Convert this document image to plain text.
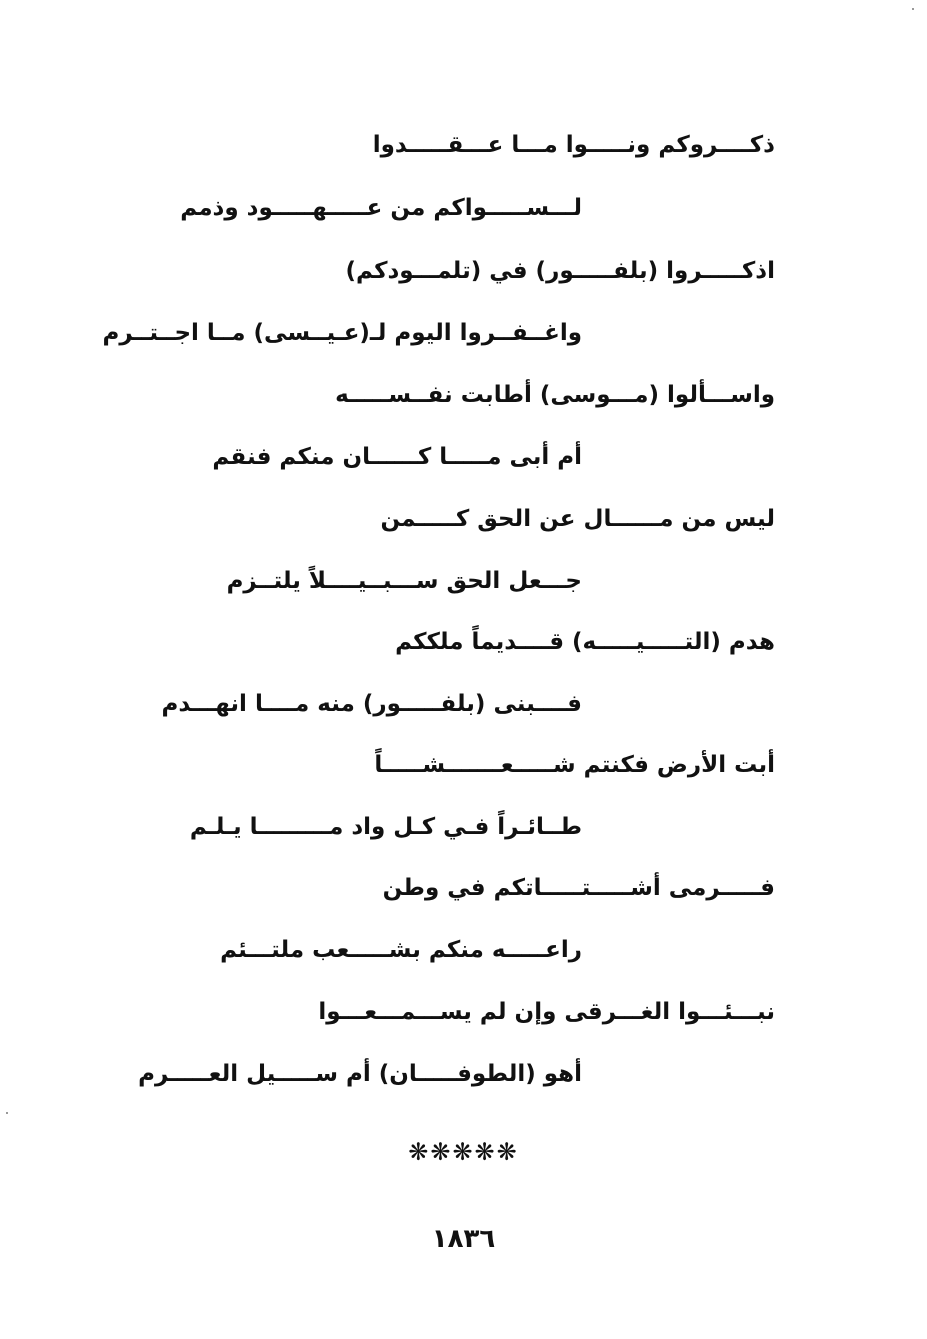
ذكــــروكم ونـــــوا مـــا عـــقـــــدوا
لـــســـــواكم من عـــــهـــــود وذمم
اذكـــــروا (بلفـــــور) في (تلمـــودكم)
واغــفــروا اليوم لـ(عـيــسى) مــا اجــتــرم
واســـألوا (مـــوسى) أطابت نفــســـــه
أم أبى مـــــا كــــــان منكم فنقم
ليس من مــــــال عن الحق كـــــمن
جـــعل الحق ســـبــيــــلاً يلتــزم
هدم (التـــــيـــــه) قــــديماً ملككم
فــــبنى (بلفـــــور) منه مــــا انهـــدم
أبت الأرض فكنتم شـــــعـــــــشـــــاً
طــائـراً فـي كـل واد مـــــــــا يـلـم
فـــــرمى أشـــــتـــــاتكم في وطن
راعـــــه منكم بشـــــعب ملتـــئم
نبـــئـــوا الغـــرقى وإن لم يســـمـــعـــوا
أهو (الطوفـــــان) أم ســـــيل العـــــرم
❋❋❋❋❋
١٨٣٦
